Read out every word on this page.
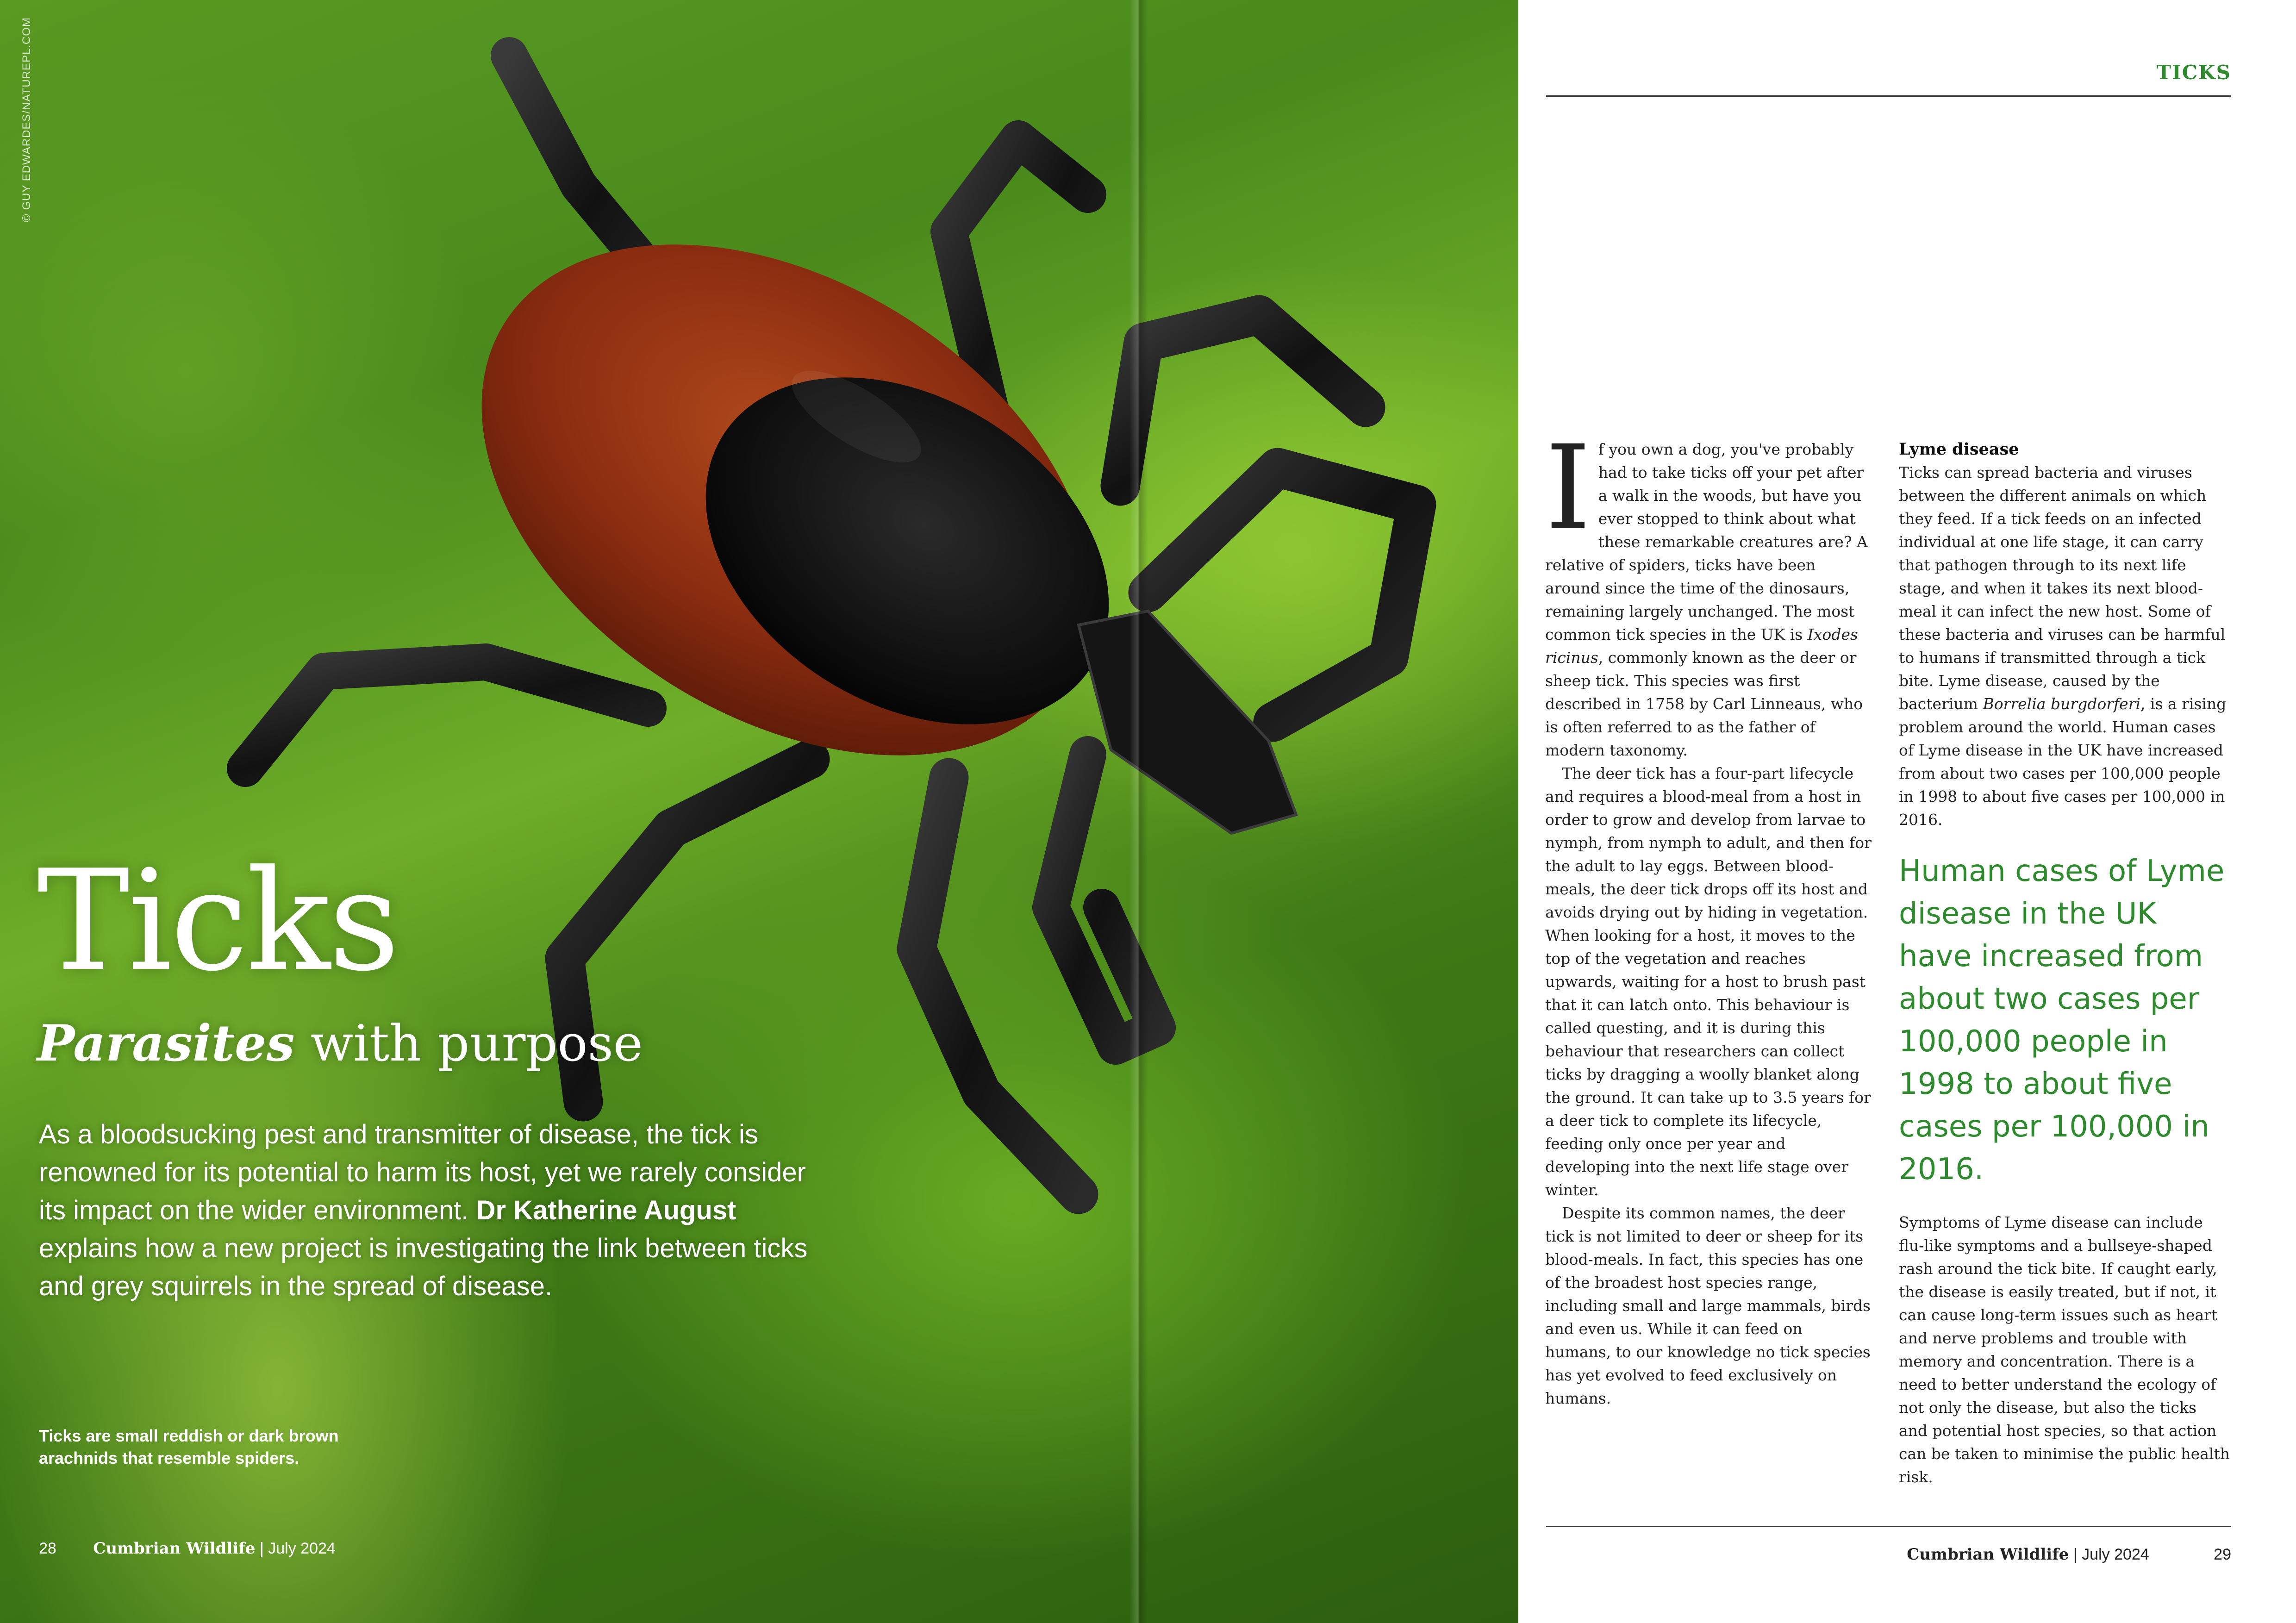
© GUY EDWARDES/NATUREPL.COM
Ticks
Parasites with purpose
As a bloodsucking pest and transmitter of disease, the tick is renowned for its potential to harm its host, yet we rarely consider its impact on the wider environment. Dr Katherine August explains how a new project is investigating the link between ticks and grey squirrels in the spread of disease.
Ticks are small reddish or dark brown arachnids that resemble spiders.
28 Cumbrian Wildlife | July 2024
TICKS

If you own a dog, you've probably had to take ticks off your pet after a walk in the woods, but have you ever stopped to think about what these remarkable creatures are? A relative of spiders, ticks have been around since the time of the dinosaurs, remaining largely unchanged. The most common tick species in the UK is Ixodes ricinus, commonly known as the deer or sheep tick. This species was first described in 1758 by Carl Linneaus, who is often referred to as the father of modern taxonomy.

The deer tick has a four-part lifecycle and requires a blood-meal from a host in order to grow and develop from larvae to nymph, from nymph to adult, and then for the adult to lay eggs. Between blood-meals, the deer tick drops off its host and avoids drying out by hiding in vegetation. When looking for a host, it moves to the top of the vegetation and reaches upwards, waiting for a host to brush past that it can latch onto. This behaviour is called questing, and it is during this behaviour that researchers can collect ticks by dragging a woolly blanket along the ground. It can take up to 3.5 years for a deer tick to complete its lifecycle, feeding only once per year and developing into the next life stage over winter.

Despite its common names, the deer tick is not limited to deer or sheep for its blood-meals. In fact, this species has one of the broadest host species range, including small and large mammals, birds and even us. While it can feed on humans, to our knowledge no tick species has yet evolved to feed exclusively on humans.

Lyme disease

Ticks can spread bacteria and viruses between the different animals on which they feed. If a tick feeds on an infected individual at one life stage, it can carry that pathogen through to its next life stage, and when it takes its next blood-meal it can infect the new host. Some of these bacteria and viruses can be harmful to humans if transmitted through a tick bite. Lyme disease, caused by the bacterium Borrelia burgdorferi, is a rising problem around the world. Human cases of Lyme disease in the UK have increased from about two cases per 100,000 people in 1998 to about five cases per 100,000 in 2016.

Human cases of Lyme disease in the UK have increased from about two cases per 100,000 people in 1998 to about five cases per 100,000 in 2016.

Symptoms of Lyme disease can include flu-like symptoms and a bullseye-shaped rash around the tick bite. If caught early, the disease is easily treated, but if not, it can cause long-term issues such as heart and nerve problems and trouble with memory and concentration. There is a need to better understand the ecology of not only the disease, but also the ticks and potential host species, so that action can be taken to minimise the public health risk.

Cumbrian Wildlife | July 2024	29
